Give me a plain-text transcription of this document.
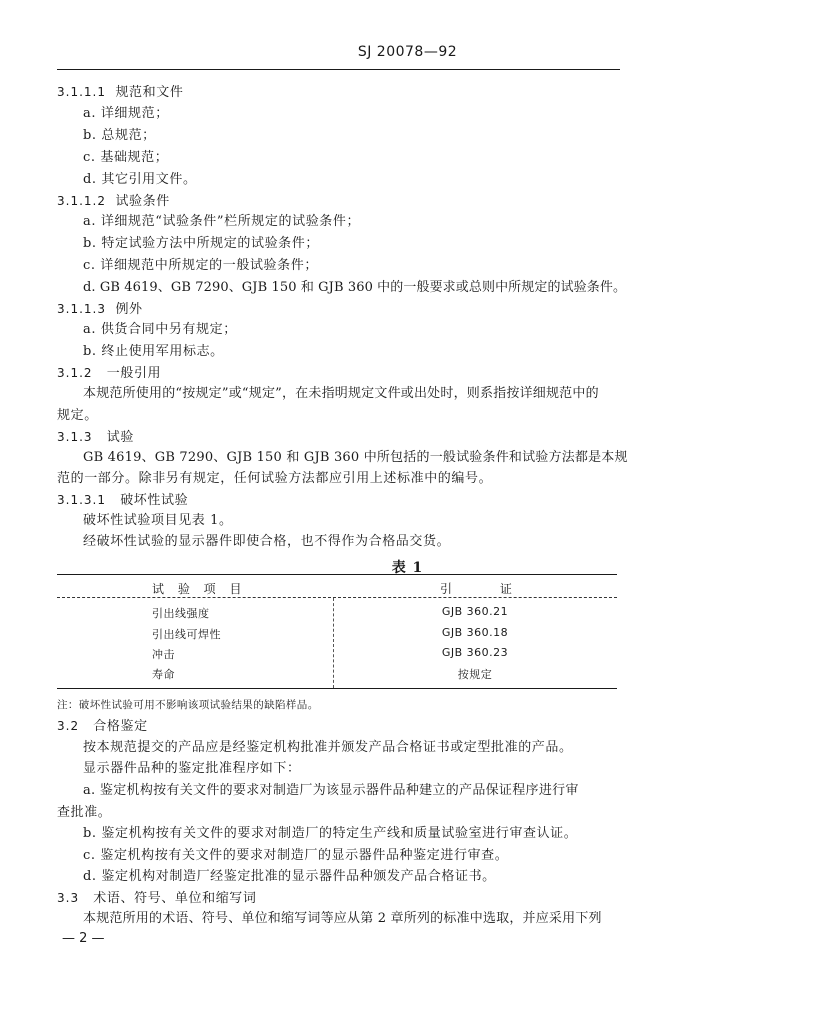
SJ 20078—92
3.1.1.1 规范和文件
a. 详细规范；
b. 总规范；
c. 基础规范；
d. 其它引用文件。
3.1.1.2 试验条件
a. 详细规范“试验条件”栏所规定的试验条件；
b. 特定试验方法中所规定的试验条件；
c. 详细规范中所规定的一般试验条件；
d. GB 4619、GB 7290、GJB 150 和 GJB 360 中的一般要求或总则中所规定的试验条件。
3.1.1.3 例外
a. 供货合同中另有规定；
b. 终止使用军用标志。
3.1.2 一般引用
本规范所使用的“按规定”或“规定”，在未指明规定文件或出处时，则系指按详细规范中的
规定。
3.1.3 试验
GB 4619、GB 7290、GJB 150 和 GJB 360 中所包括的一般试验条件和试验方法都是本规
范的一部分。除非另有规定，任何试验方法都应引用上述标准中的编号。
3.1.3.1 破坏性试验
破坏性试验项目见表 1。
经破坏性试验的显示器件即使合格，也不得作为合格品交货。
表 1
试 验 项 目	引 证
引出线强度	GJB 360.21
引出线可焊性	GJB 360.18
冲击	GJB 360.23
寿命	按规定
注：破坏性试验可用不影响该项试验结果的缺陷样品。
3.2 合格鉴定
按本规范提交的产品应是经鉴定机构批准并颁发产品合格证书或定型批准的产品。
显示器件品种的鉴定批准程序如下：
a. 鉴定机构按有关文件的要求对制造厂为该显示器件品种建立的产品保证程序进行审
查批准。
b. 鉴定机构按有关文件的要求对制造厂的特定生产线和质量试验室进行审查认证。
c. 鉴定机构按有关文件的要求对制造厂的显示器件品种鉴定进行审查。
d. 鉴定机构对制造厂经鉴定批准的显示器件品种颁发产品合格证书。
3.3 术语、符号、单位和缩写词
本规范所用的术语、符号、单位和缩写词等应从第 2 章所列的标准中选取，并应采用下列
— 2 —
